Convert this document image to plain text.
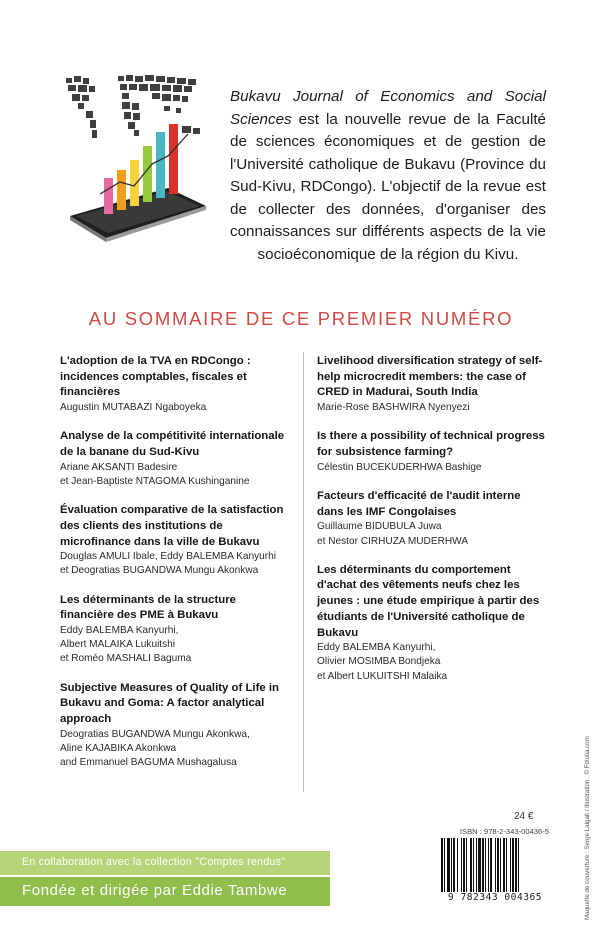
Bukavu Journal of Economics and Social Sciences est la nouvelle revue de la Faculté de sciences économiques et de gestion de l'Université catholique de Bukavu (Province du Sud-Kivu, RDCongo). L'objectif de la revue est de collecter des données, d'organiser des connaissances sur différents aspects de la vie socioéconomique de la région du Kivu.
AU SOMMAIRE DE CE PREMIER NUMÉRO
L'adoption de la TVA en RDCongo : incidences comptables, fiscales et financières
Augustin MUTABAZI Ngaboyeka
Analyse de la compétitivité internationale de la banane du Sud-Kivu
Ariane AKSANTI Badesire
et Jean-Baptiste NTAGOMA Kushinganine
Évaluation comparative de la satisfaction des clients des institutions de microfinance dans la ville de Bukavu
Douglas AMULI Ibale, Eddy BALEMBA Kanyurhi
et Deogratias BUGANDWA Mungu Akonkwa
Les déterminants de la structure financière des PME à Bukavu
Eddy BALEMBA Kanyurhi,
Albert MALAIKA Lukuitshi
et Roméo MASHALI Baguma
Subjective Measures of Quality of Life in Bukavu and Goma: A factor analytical approach
Deogratias BUGANDWA Mungu Akonkwa,
Aline KAJABIKA Akonkwa
and Emmanuel BAGUMA Mushagalusa
Livelihood diversification strategy of self-help microcredit members: the case of CRED in Madurai, South India
Marie-Rose BASHWIRA Nyenyezi
Is there a possibility of technical progress for subsistence farming?
Célestin BUCEKUDERHWA Bashige
Facteurs d'efficacité de l'audit interne dans les IMF Congolaises
Guillaume BIDUBULA Juwa
et Nestor CIRHUZA MUDERHWA
Les déterminants du comportement d'achat des vêtements neufs chez les jeunes : une étude empirique à partir des étudiants de l'Université catholique de Bukavu
Eddy BALEMBA Kanyurhi,
Olivier MOSIMBA Bondjeka
et Albert LUKUITSHI Malaika
24 €
ISBN : 978-2-343-00436-5
9 782343 004365
En collaboration avec la collection "Comptes rendus"
Fondée et dirigée par Eddie Tambwe	Maquette de couverture : Serge Laigait / Illustration : © Fotolia.com
